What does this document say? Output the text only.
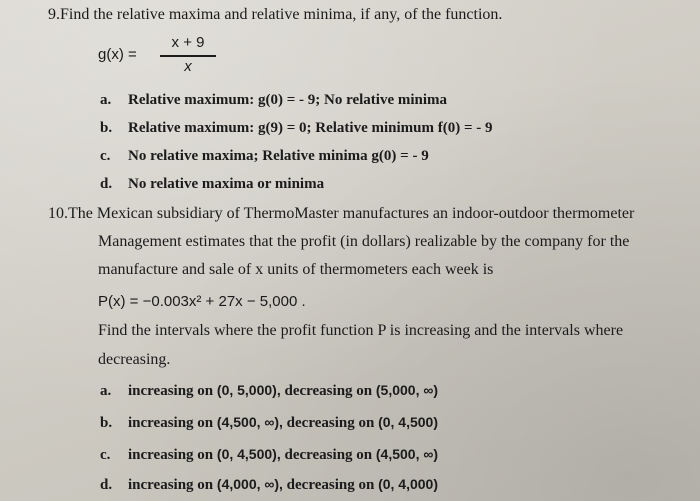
9.Find the relative maxima and relative minima, if any, of the function.
g(x) =
x + 9
x
a. Relative maximum: g(0) = - 9; No relative minima
b. Relative maximum: g(9) = 0; Relative minimum f(0) = - 9
c. No relative maxima; Relative minima g(0) = - 9
d. No relative maxima or minima
10.The Mexican subsidiary of ThermoMaster manufactures an indoor-outdoor thermometer
Management estimates that the profit (in dollars) realizable by the company for the
manufacture and sale of x units of thermometers each week is
P(x) = −0.003x² + 27x − 5,000 .
Find the intervals where the profit function P is increasing and the intervals where
decreasing.
a. increasing on (0, 5,000), decreasing on (5,000, ∞)
b. increasing on (4,500, ∞), decreasing on (0, 4,500)
c. increasing on (0, 4,500), decreasing on (4,500, ∞)
d. increasing on (4,000, ∞), decreasing on (0, 4,000)
